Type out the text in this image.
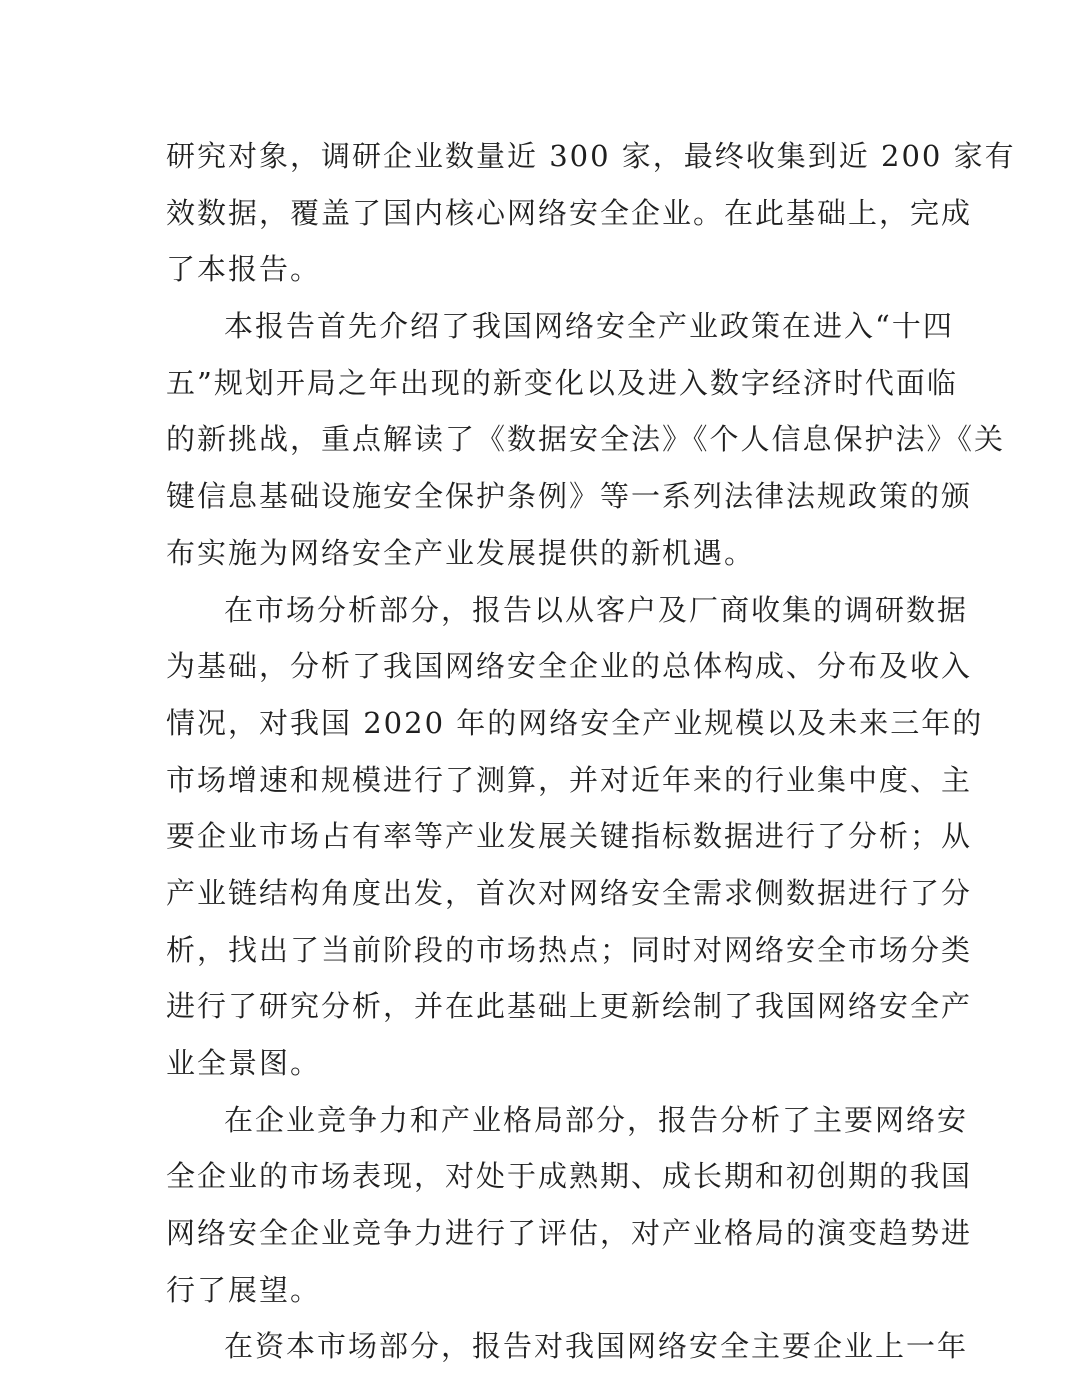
研究对象，调研企业数量近 300 家，最终收集到近 200 家有
效数据，覆盖了国内核心网络安全企业。在此基础上，完成
了本报告。
本报告首先介绍了我国网络安全产业政策在进入“十四
五”规划开局之年出现的新变化以及进入数字经济时代面临
的新挑战，重点解读了《数据安全法》《个人信息保护法》《关
键信息基础设施安全保护条例》等一系列法律法规政策的颁
布实施为网络安全产业发展提供的新机遇。
在市场分析部分，报告以从客户及厂商收集的调研数据
为基础，分析了我国网络安全企业的总体构成、分布及收入
情况，对我国 2020 年的网络安全产业规模以及未来三年的
市场增速和规模进行了测算，并对近年来的行业集中度、主
要企业市场占有率等产业发展关键指标数据进行了分析；从
产业链结构角度出发，首次对网络安全需求侧数据进行了分
析，找出了当前阶段的市场热点；同时对网络安全市场分类
进行了研究分析，并在此基础上更新绘制了我国网络安全产
业全景图。
在企业竞争力和产业格局部分，报告分析了主要网络安
全企业的市场表现，对处于成熟期、成长期和初创期的我国
网络安全企业竞争力进行了评估，对产业格局的演变趋势进
行了展望。
在资本市场部分，报告对我国网络安全主要企业上一年
